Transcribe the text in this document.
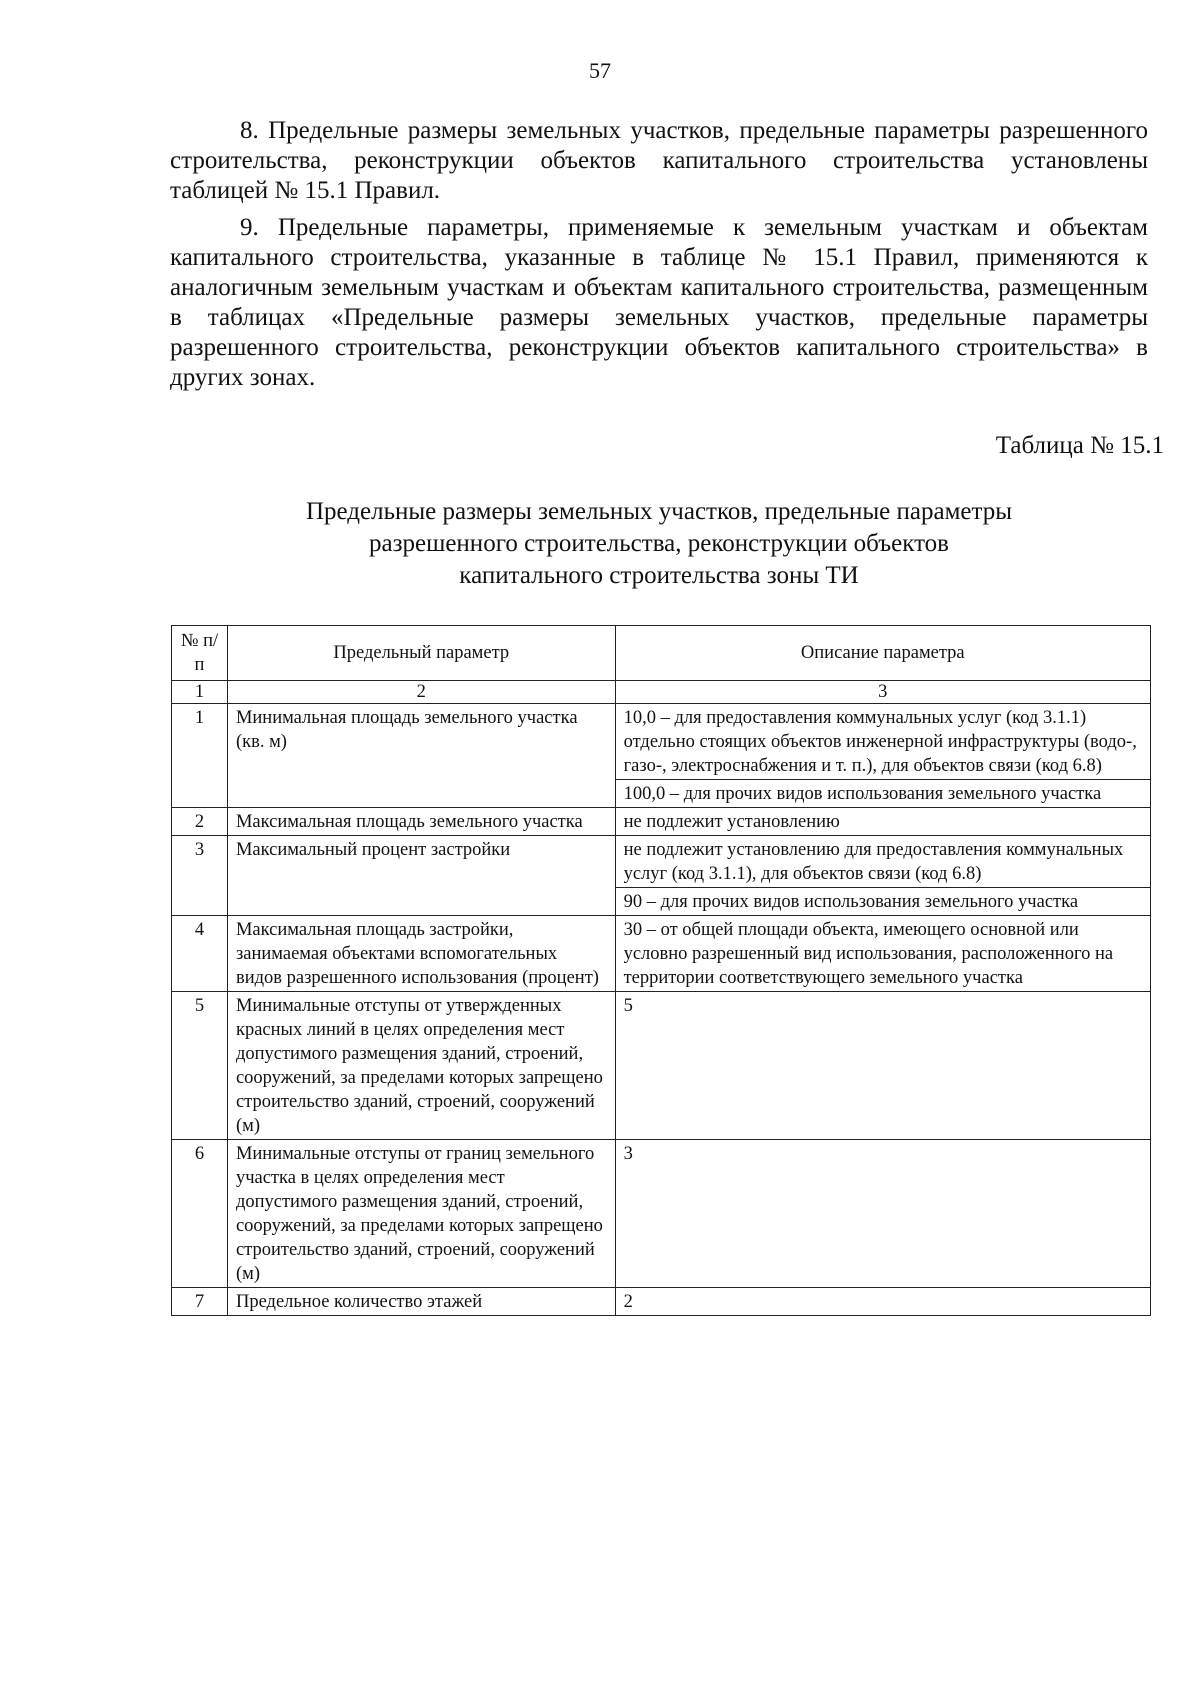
57

8. Предельные размеры земельных участков, предельные параметры разрешенного строительства, реконструкции объектов капитального строительства установлены таблицей № 15.1 Правил.

9. Предельные параметры, применяемые к земельным участкам и объектам капитального строительства, указанные в таблице № 15.1 Правил, применяются к аналогичным земельным участкам и объектам капитального строительства, размещенным в таблицах «Предельные размеры земельных участков, предельные параметры разрешенного строительства, реконструкции объектов капитального строительства» в других зонах.

Таблица № 15.1
Предельные размеры земельных участков, предельные параметры
разрешенного строительства, реконструкции объектов
капитального строительства зоны ТИ
№ п/п	Предельный параметр	Описание параметра
1	2	3
1	Минимальная площадь земельного участка (кв. м)	10,0 – для предоставления коммунальных услуг (код 3.1.1) отдельно стоящих объектов инженерной инфраструктуры (водо-, газо-, электроснабжения и т. п.), для объектов связи (код 6.8)
		100,0 – для прочих видов использования земельного участка
2	Максимальная площадь земельного участка	не подлежит установлению
3	Максимальный процент застройки	не подлежит установлению для предоставления коммунальных услуг (код 3.1.1), для объектов связи (код 6.8)
		90 – для прочих видов использования земельного участка
4	Максимальная площадь застройки, занимаемая объектами вспомогательных видов разрешенного использования (процент)	30 – от общей площади объекта, имеющего основной или условно разрешенный вид использования, расположенного на территории соответствующего земельного участка
5	Минимальные отступы от утвержденных красных линий в целях определения мест допустимого размещения зданий, строений, сооружений, за пределами которых запрещено строительство зданий, строений, сооружений (м)	5
6	Минимальные отступы от границ земельного участка в целях определения мест допустимого размещения зданий, строений, сооружений, за пределами которых запрещено строительство зданий, строений, сооружений (м)	3
7	Предельное количество этажей	2
